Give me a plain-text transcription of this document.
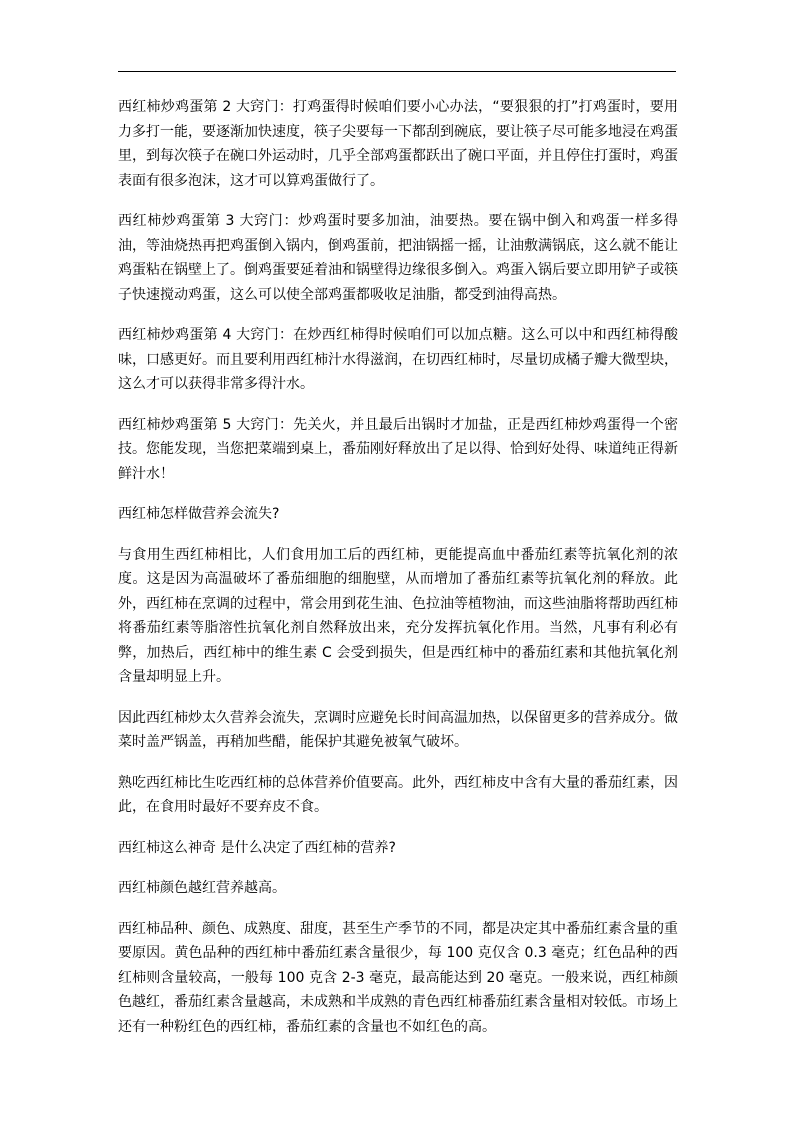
西红柿炒鸡蛋第 2 大窍门：打鸡蛋得时候咱们要小心办法，“要狠狠的打”打鸡蛋时，要用力多打一能，要逐渐加快速度，筷子尖要每一下都刮到碗底，要让筷子尽可能多地浸在鸡蛋里，到每次筷子在碗口外运动时，几乎全部鸡蛋都跃出了碗口平面，并且停住打蛋时，鸡蛋表面有很多泡沫，这才可以算鸡蛋做行了。

西红柿炒鸡蛋第 3 大窍门：炒鸡蛋时要多加油，油要热。要在锅中倒入和鸡蛋一样多得油，等油烧热再把鸡蛋倒入锅内，倒鸡蛋前，把油锅摇一摇，让油敷满锅底，这么就不能让鸡蛋粘在锅壁上了。倒鸡蛋要延着油和锅壁得边缘很多倒入。鸡蛋入锅后要立即用铲子或筷子快速搅动鸡蛋，这么可以使全部鸡蛋都吸收足油脂，都受到油得高热。

西红柿炒鸡蛋第 4 大窍门：在炒西红柿得时候咱们可以加点糖。这么可以中和西红柿得酸味，口感更好。而且要利用西红柿汁水得滋润，在切西红柿时，尽量切成橘子瓣大微型块，这么才可以获得非常多得汁水。

西红柿炒鸡蛋第 5 大窍门：先关火，并且最后出锅时才加盐，正是西红柿炒鸡蛋得一个密技。您能发现，当您把菜端到桌上，番茄刚好释放出了足以得、恰到好处得、味道纯正得新鲜汁水！

西红柿怎样做营养会流失?

与食用生西红柿相比，人们食用加工后的西红柿，更能提高血中番茄红素等抗氧化剂的浓度。这是因为高温破坏了番茄细胞的细胞壁，从而增加了番茄红素等抗氧化剂的释放。此外，西红柿在烹调的过程中，常会用到花生油、色拉油等植物油，而这些油脂将帮助西红柿将番茄红素等脂溶性抗氧化剂自然释放出来，充分发挥抗氧化作用。当然，凡事有利必有弊，加热后，西红柿中的维生素 C 会受到损失，但是西红柿中的番茄红素和其他抗氧化剂含量却明显上升。

因此西红柿炒太久营养会流失，烹调时应避免长时间高温加热，以保留更多的营养成分。做菜时盖严锅盖，再稍加些醋，能保护其避免被氧气破坏。

熟吃西红柿比生吃西红柿的总体营养价值要高。此外，西红柿皮中含有大量的番茄红素，因此，在食用时最好不要弃皮不食。

西红柿这么神奇 是什么决定了西红柿的营养?

西红柿颜色越红营养越高。

西红柿品种、颜色、成熟度、甜度，甚至生产季节的不同，都是决定其中番茄红素含量的重要原因。黄色品种的西红柿中番茄红素含量很少，每 100 克仅含 0.3 毫克；红色品种的西红柿则含量较高，一般每 100 克含 2-3 毫克，最高能达到 20 毫克。一般来说，西红柿颜色越红，番茄红素含量越高，未成熟和半成熟的青色西红柿番茄红素含量相对较低。市场上还有一种粉红色的西红柿，番茄红素的含量也不如红色的高。
